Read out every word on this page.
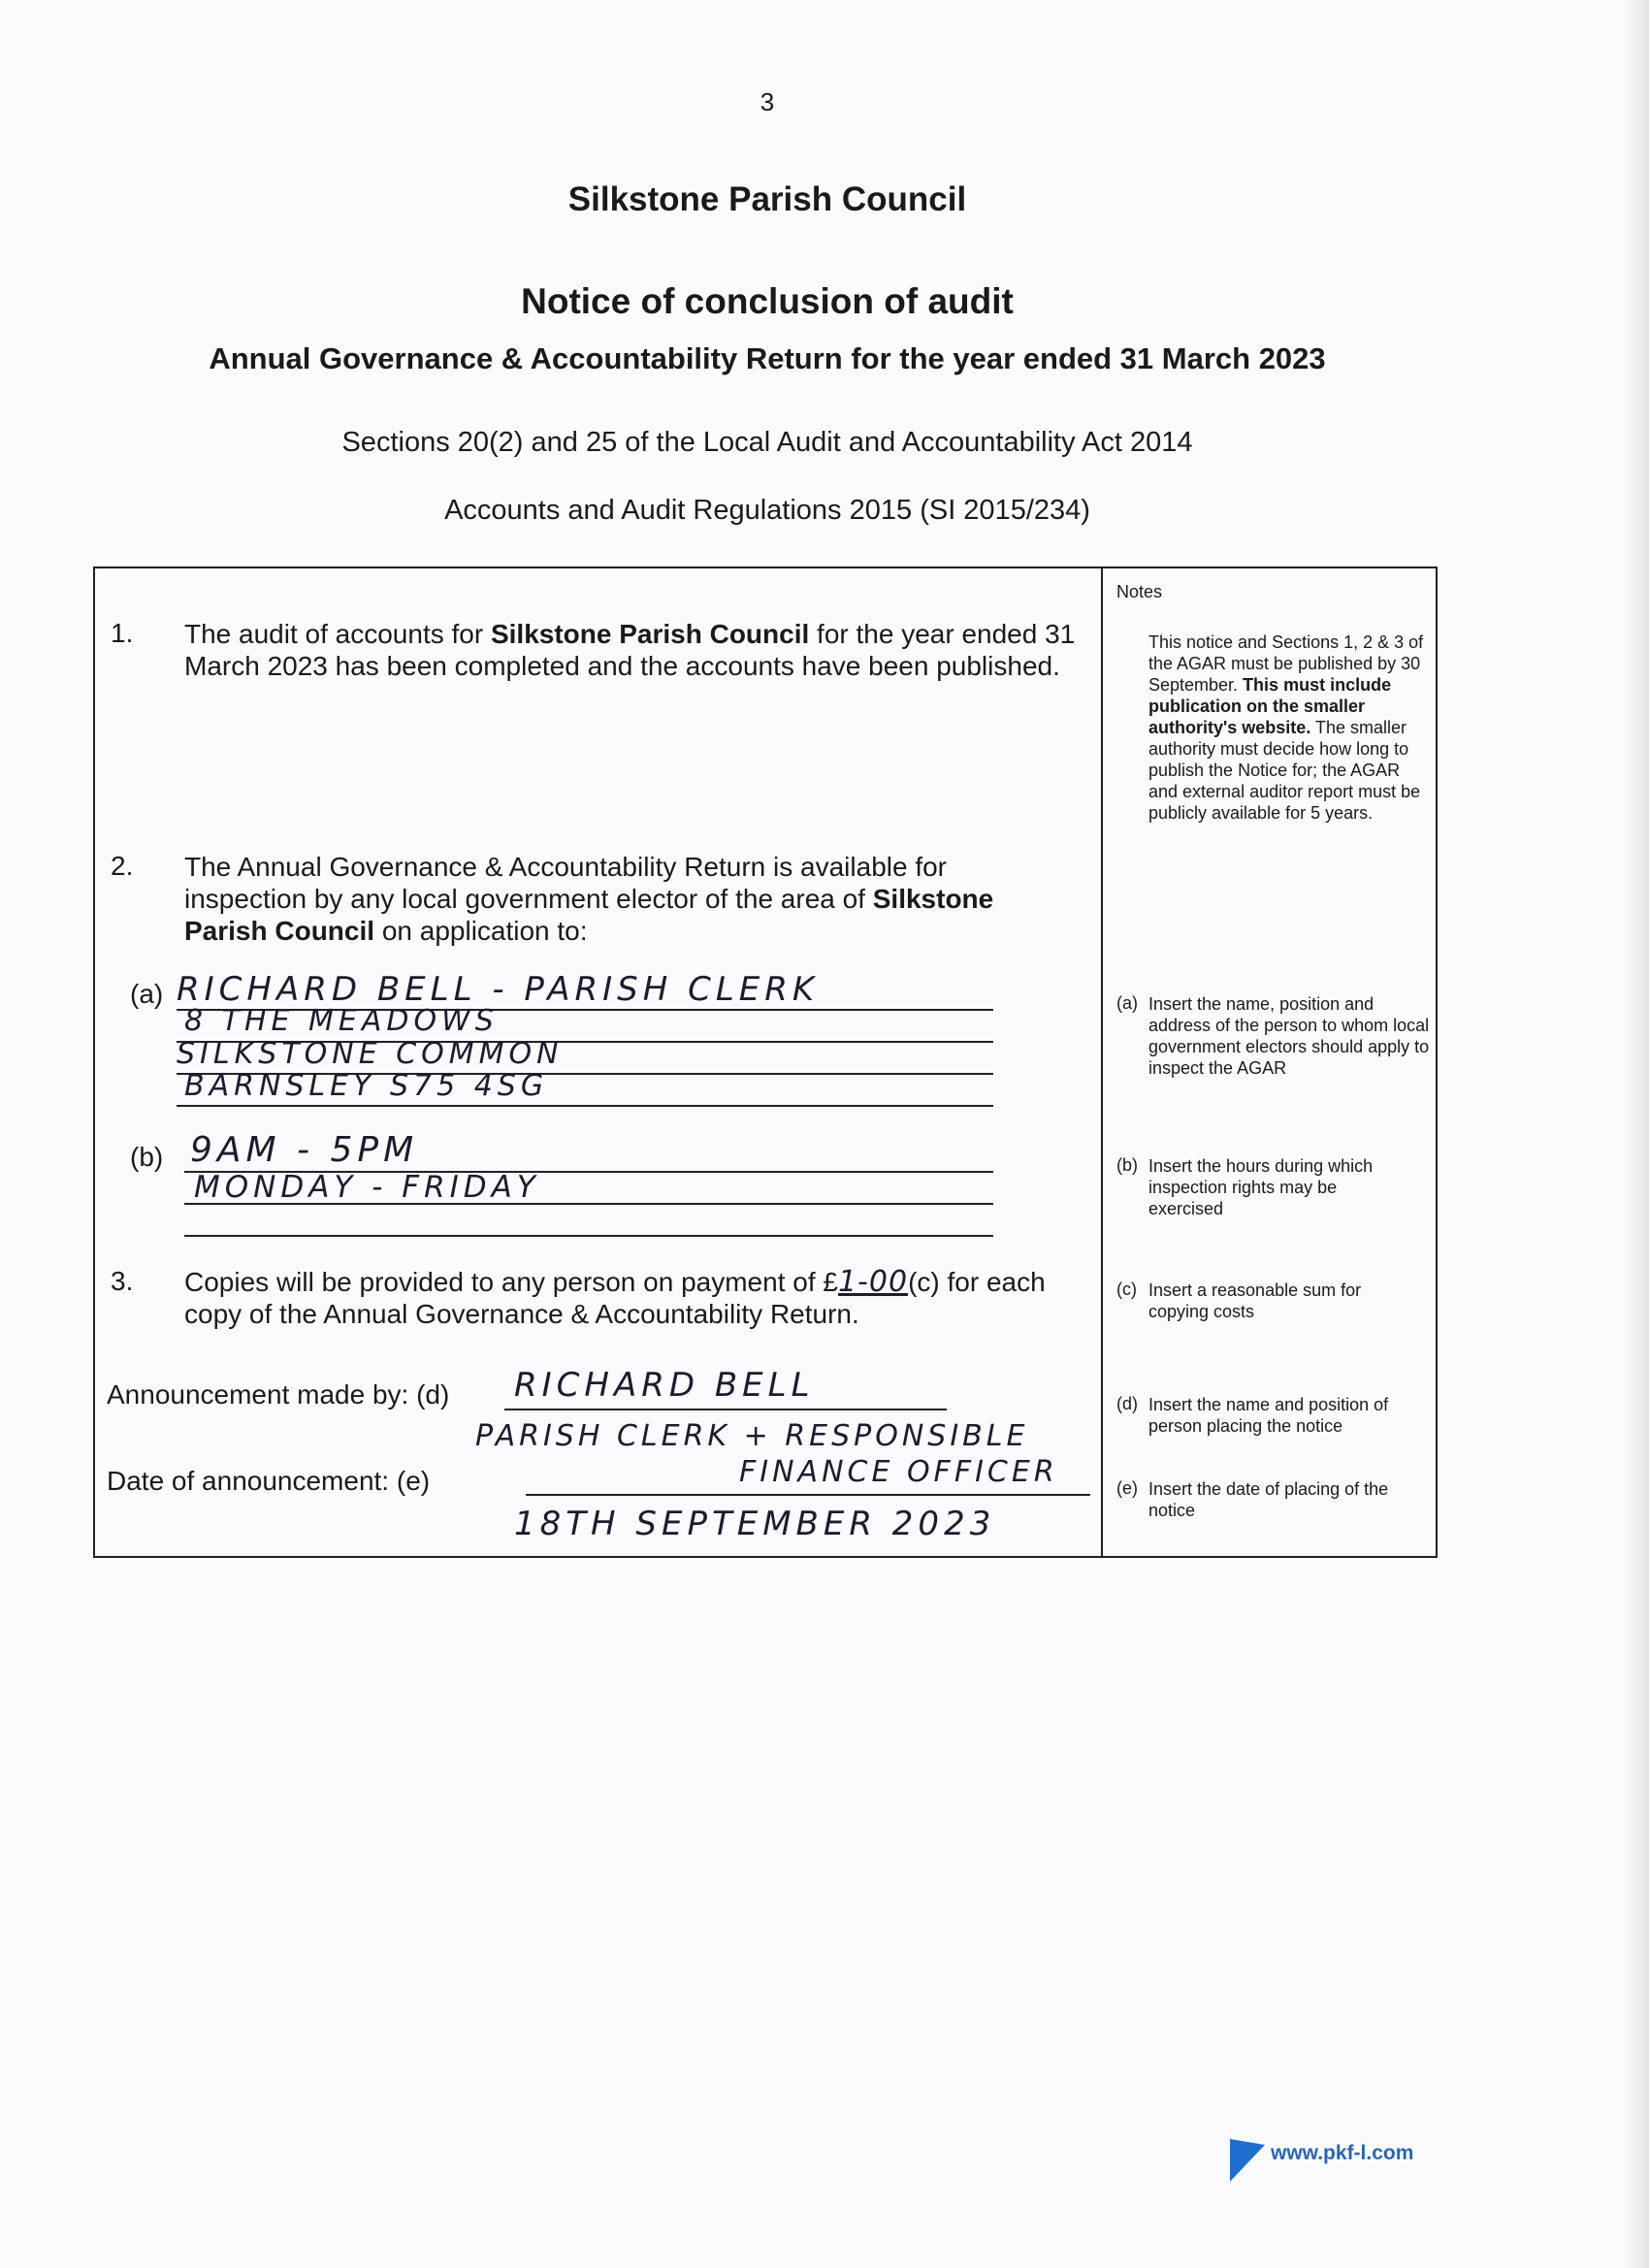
3
Silkstone Parish Council
Notice of conclusion of audit
Annual Governance & Accountability Return for the year ended 31 March 2023
Sections 20(2) and 25 of the Local Audit and Accountability Act 2014
Accounts and Audit Regulations 2015 (SI 2015/234)
Notes
1. The audit of accounts for Silkstone Parish Council for the year ended 31 March 2023 has been completed and the accounts have been published.
This notice and Sections 1, 2 & 3 of the AGAR must be published by 30 September. This must include publication on the smaller authority's website. The smaller authority must decide how long to publish the Notice for; the AGAR and external auditor report must be publicly available for 5 years.
2. The Annual Governance & Accountability Return is available for inspection by any local government elector of the area of Silkstone Parish Council on application to:
(a) RICHARD BELL - PARISH CLERK
8 THE MEADOWS
SILKSTONE COMMON
BARNSLEY S75 4SG
(a) Insert the name, position and address of the person to whom local government electors should apply to inspect the AGAR
(b) 9AM - 5PM
MONDAY - FRIDAY
(b) Insert the hours during which inspection rights may be exercised
3. Copies will be provided to any person on payment of £1-00(c) for each copy of the Annual Governance & Accountability Return.
(c) Insert a reasonable sum for copying costs
Announcement made by: (d) RICHARD BELL
PARISH CLERK + RESPONSIBLE
FINANCE OFFICER
Date of announcement: (e)
18TH SEPTEMBER 2023
(d) Insert the name and position of person placing the notice
(e) Insert the date of placing of the notice
www.pkf-l.com
